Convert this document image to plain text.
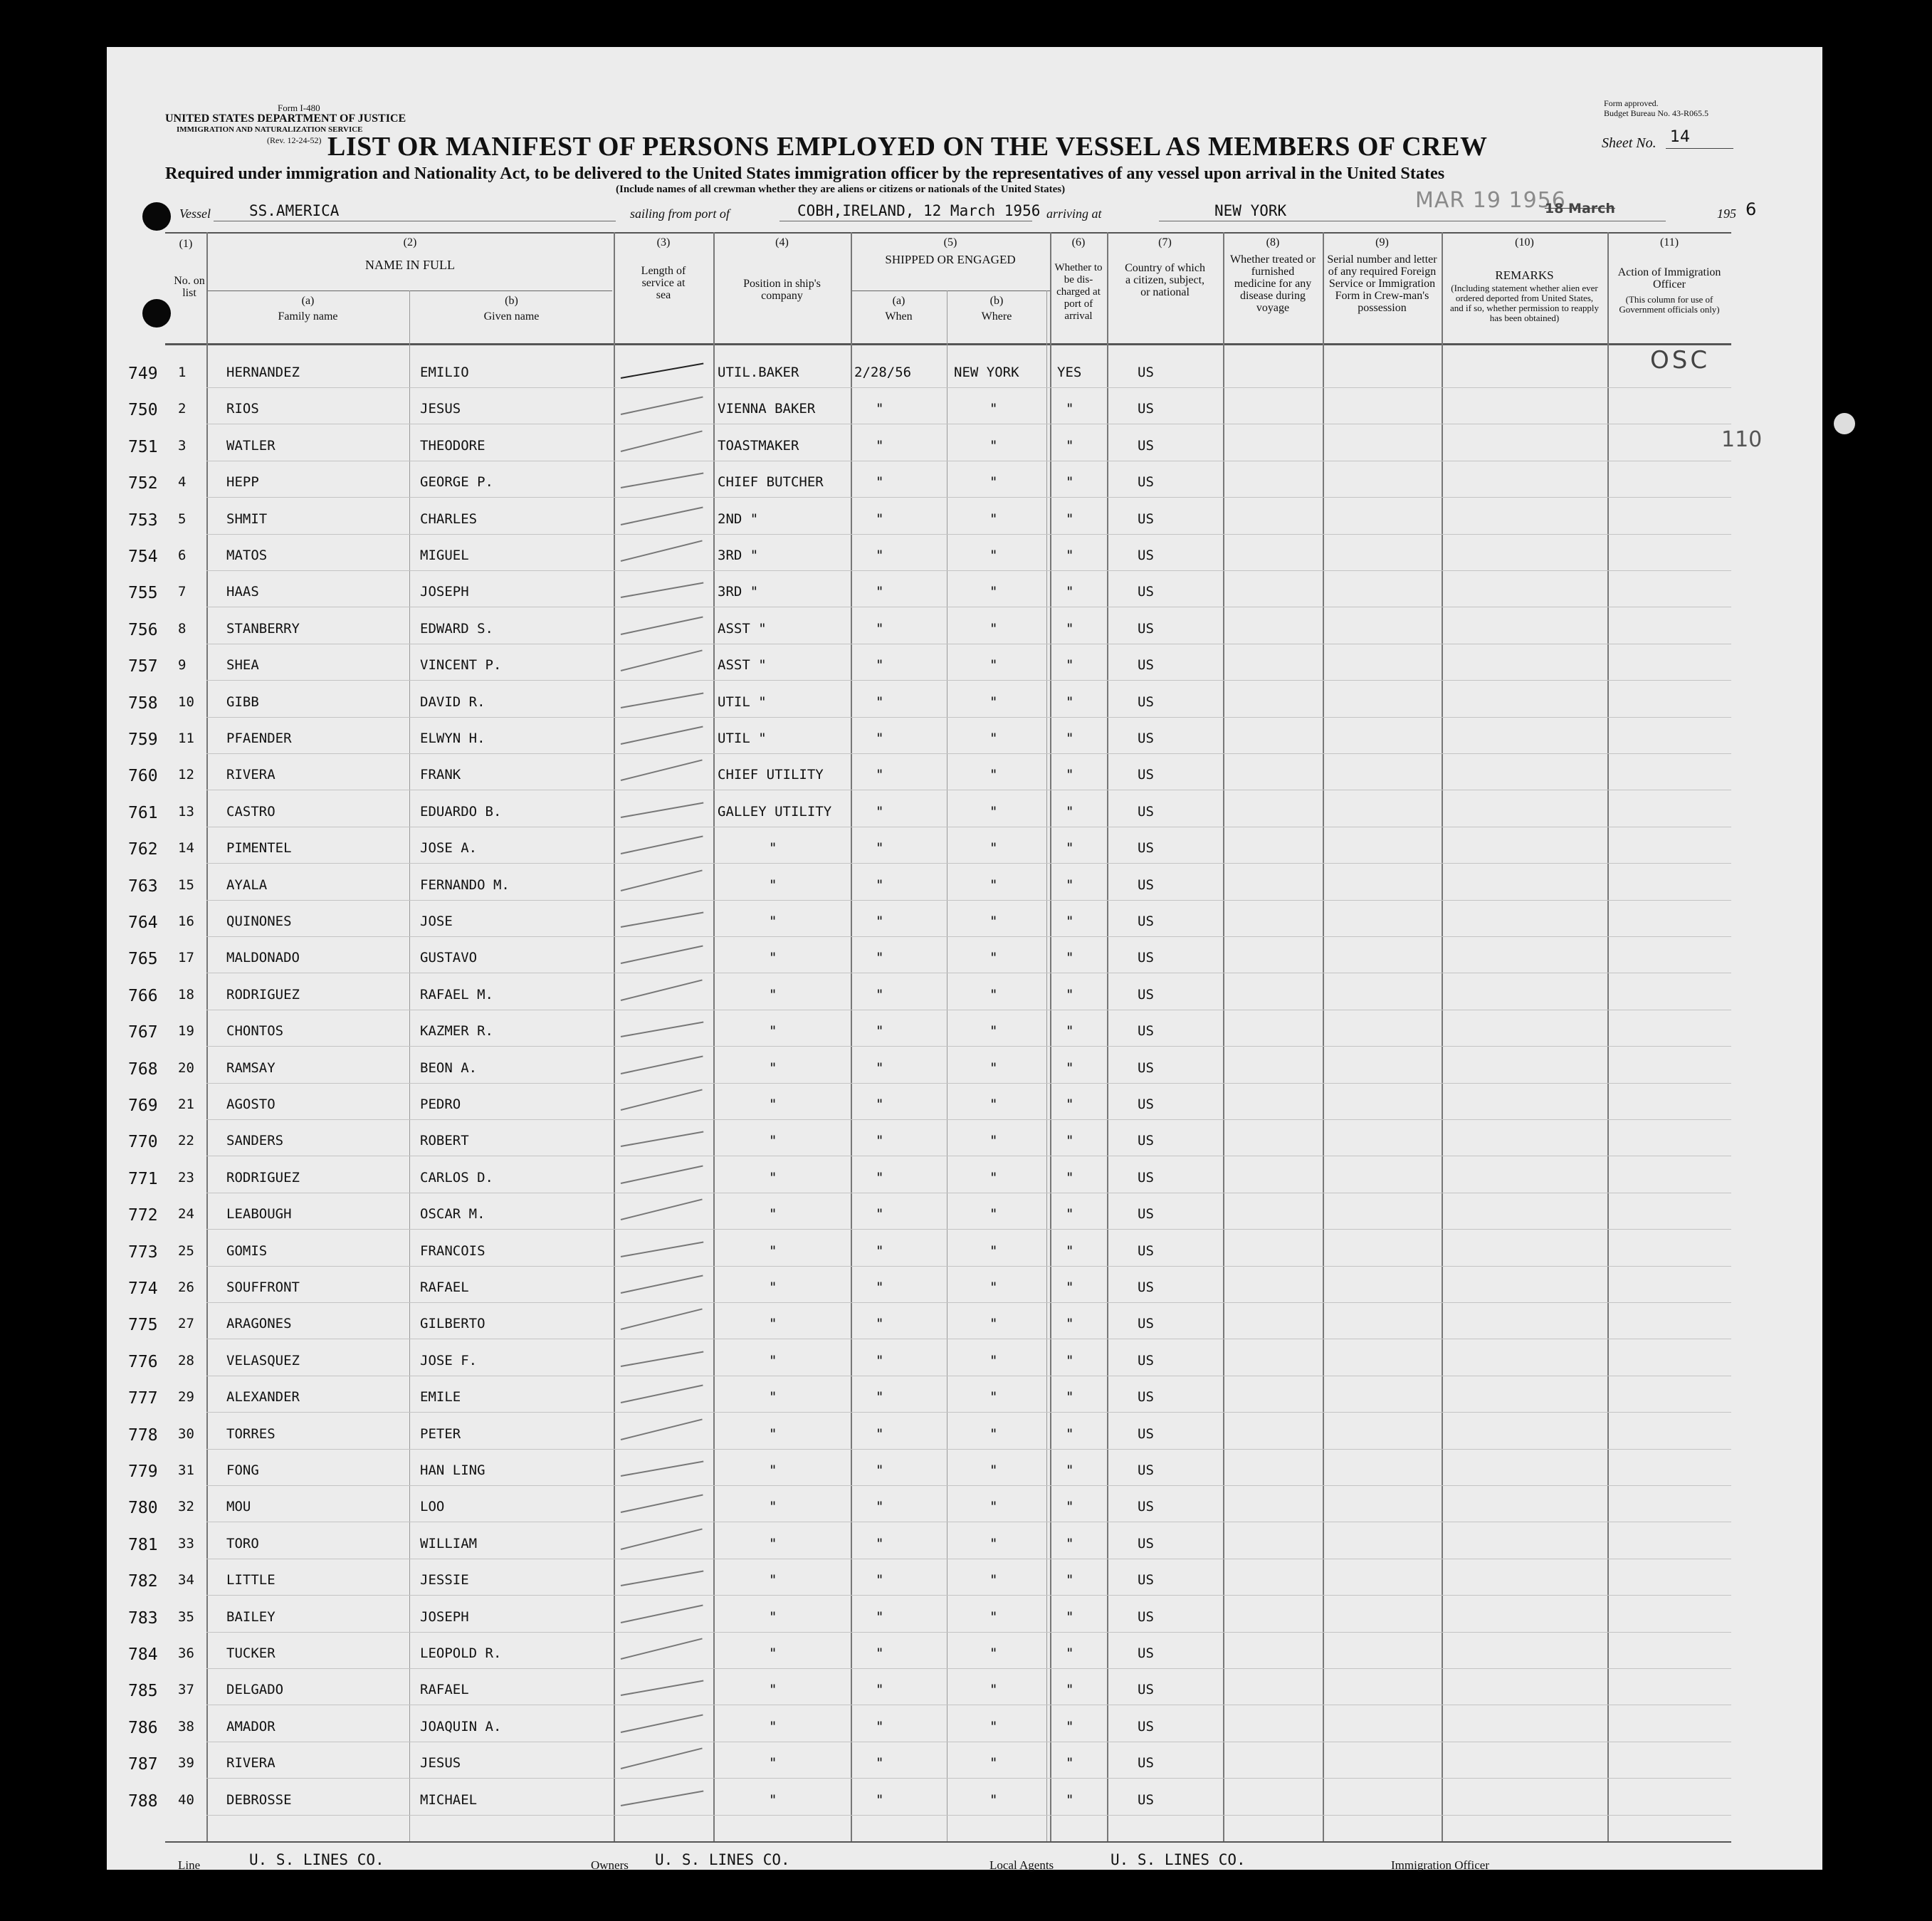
Form I-480
UNITED STATES DEPARTMENT OF JUSTICE
IMMIGRATION AND NATURALIZATION SERVICE
(Rev. 12-24-52)
Form approved.
Budget Bureau No. 43-R065.5
LIST OR MANIFEST OF PERSONS EMPLOYED ON THE VESSEL AS MEMBERS OF CREW	Sheet No. 14
Required under immigration and Nationality Act, to be delivered to the United States immigration officer by the representatives of any vessel upon arrival in the United States
(Include names of all crewman whether they are aliens or citizens or nationals of the United States)
Vessel	SS.AMERICA	sailing from port of	COBH,IRELAND, 12 March 1956 arriving at	NEW YORK	MAR 19 1956
18 March	195 6
(1)
No. on list
(2)
NAME IN FULL
(a)
Family name
(b)
Given name
(3)
Length of service at sea
(4)
Position in ship's company
(5)
SHIPPED OR ENGAGED
(a)
When
(b)
Where
(6)
Whether to be dis-charged at port of arrival
(7)
Country of which a citizen, subject, or national
(8)
Whether treated or furnished medicine for any disease during voyage
(9)
Serial number and letter of any required Foreign Service or Immigration Form in Crew-man's possession
(10)
REMARKS
(Including statement whether alien ever ordered deported from United States, and if so, whether permission to reapply has been obtained)
(11)
Action of Immigration Officer
(This column for use of Government officials only)
OSC
110
749 1	HERNANDEZ	EMILIO	UTIL.BAKER	2/28/56	NEW YORK	YES	US
750 2	RIOS	JESUS	VIENNA BAKER	"	"	"	US
751 3	WATLER	THEODORE	TOASTMAKER	"	"	"	US
752 4	HEPP	GEORGE P.	CHIEF BUTCHER	"	"	"	US
753 5	SHMIT	CHARLES	2ND "	"	"	"	US
754 6	MATOS	MIGUEL	3RD "	"	"	"	US
755 7	HAAS	JOSEPH	3RD "	"	"	"	US
756 8	STANBERRY	EDWARD S.	ASST "	"	"	"	US
757 9	SHEA	VINCENT P.	ASST "	"	"	"	US
758 10 GIBB	DAVID R.	UTIL "	"	"	"	US
759 11 PFAENDER	ELWYN H.	UTIL "	"	"	"	US
760 12 RIVERA	FRANK	CHIEF UTILITY	"	"	"	US
761 13 CASTRO	EDUARDO B.	GALLEY UTILITY	"	"	"	US
762 14 PIMENTEL	JOSE A.	"	"	"	"	US
763 15 AYALA	FERNANDO M.	"	"	"	"	US
764 16 QUINONES	JOSE	"	"	"	"	US
765 17 MALDONADO	GUSTAVO	"	"	"	"	US
766 18 RODRIGUEZ	RAFAEL M.	"	"	"	"	US
767 19 CHONTOS	KAZMER R.	"	"	"	"	US
768 20 RAMSAY	BEON A.	"	"	"	"	US
769 21 AGOSTO	PEDRO	"	"	"	"	US
770 22 SANDERS	ROBERT	"	"	"	"	US
771 23 RODRIGUEZ	CARLOS D.	"	"	"	"	US
772 24 LEABOUGH	OSCAR M.	"	"	"	"	US
773 25 GOMIS	FRANCOIS	"	"	"	"	US
774 26 SOUFFRONT	RAFAEL	"	"	"	"	US
775 27 ARAGONES	GILBERTO	"	"	"	"	US
776 28 VELASQUEZ	JOSE F.	"	"	"	"	US
777 29 ALEXANDER	EMILE	"	"	"	"	US
778 30 TORRES	PETER	"	"	"	"	US
779 31 FONG	HAN LING	"	"	"	"	US
780 32 MOU	LOO	"	"	"	"	US
781 33 TORO	WILLIAM	"	"	"	"	US
782 34 LITTLE	JESSIE	"	"	"	"	US
783 35 BAILEY	JOSEPH	"	"	"	"	US
784 36 TUCKER	LEOPOLD R.	"	"	"	"	US
785 37 DELGADO	RAFAEL	"	"	"	"	US
786 38 AMADOR	JOAQUIN A.	"	"	"	"	US
787 39 RIVERA	JESUS	"	"	"	"	US
788 40 DEBROSSE	MICHAEL	"	"	"	"	US
Line	U. S. LINES CO.	Owners U. S. LINES CO.	Local Agents	U. S. LINES CO.	Immigration Officer
